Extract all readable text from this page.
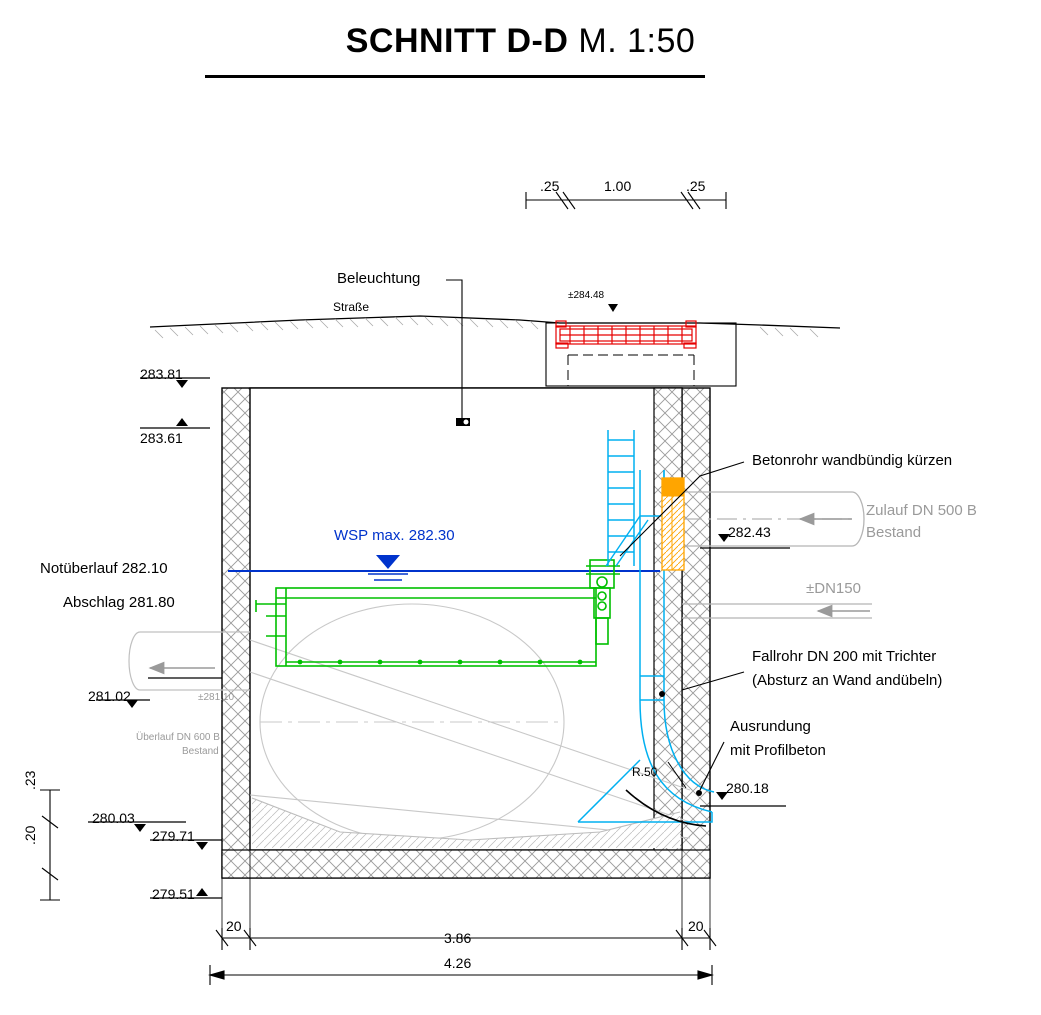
SCHNITT D-D M. 1:50
.25	1.00	.25
Beleuchtung
Straße
±284.48
283.81
283.61
WSP max. 282.30
Notüberlauf 282.10
Abschlag 281.80
Betonrohr wandbündig kürzen
Zulauf DN 500 B
Bestand
282.43
±DN150
Fallrohr DN 200 mit Trichter
(Absturz an Wand andübeln)
Ausrundung
mit Profilbeton
R.50
280.18
281.02	±281.10
Überlauf DN 600 B
Bestand
280.03
279.71
279.51
.23
.20
20
3.86
20
4.26
